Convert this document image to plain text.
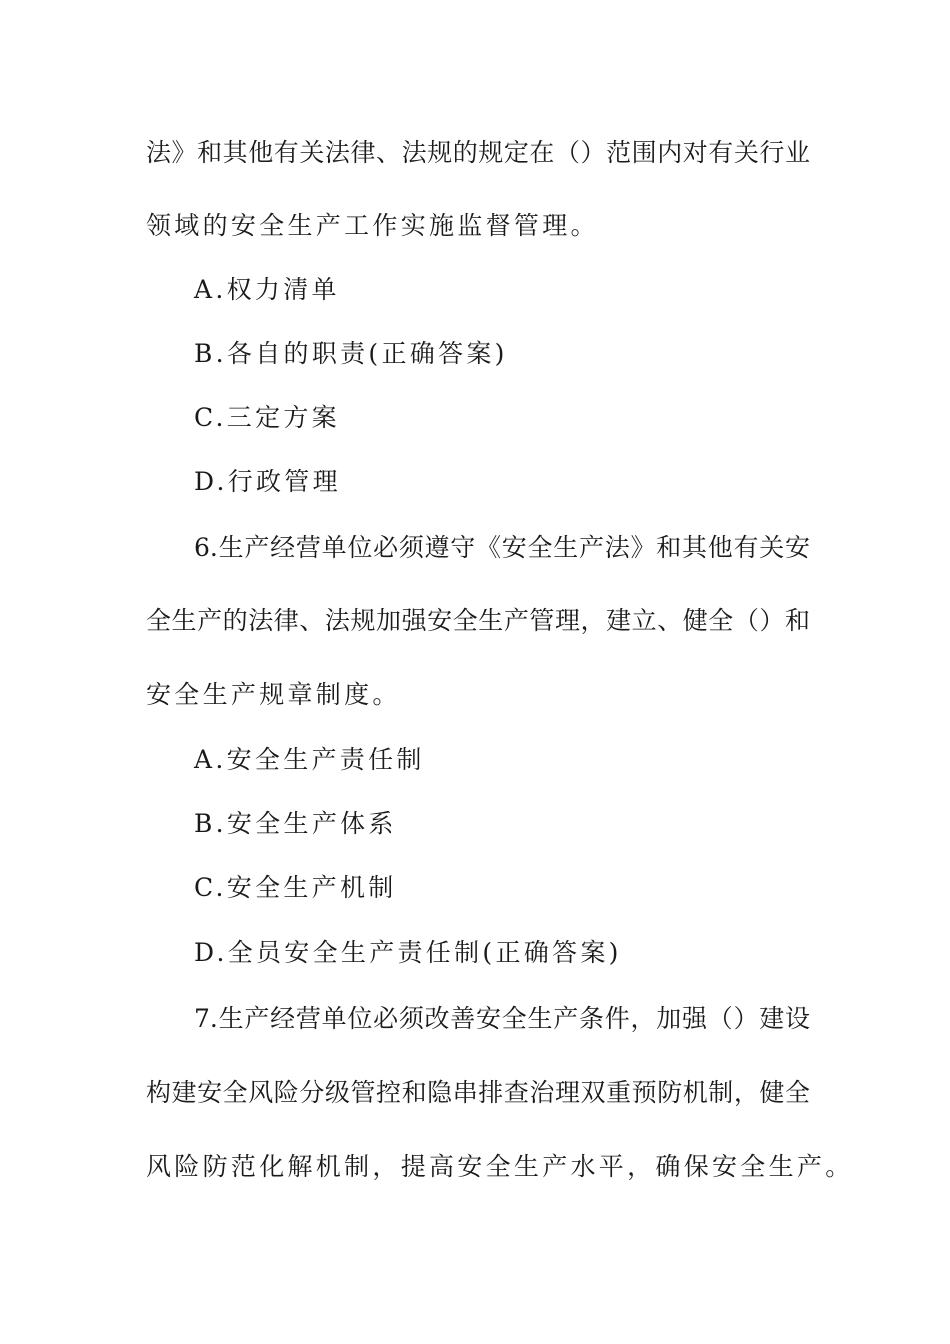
法》和其他有关法律、法规的规定在（）范围内对有关行业
领域的安全生产工作实施监督管理。
A.权力清单
B.各自的职责(正确答案)
C.三定方案
D.行政管理
6.生产经营单位必须遵守《安全生产法》和其他有关安
全生产的法律、法规加强安全生产管理，建立、健全（）和
安全生产规章制度。
A.安全生产责任制
B.安全生产体系
C.安全生产机制
D.全员安全生产责任制(正确答案)
7.生产经营单位必须改善安全生产条件，加强（）建设
构建安全风险分级管控和隐串排查治理双重预防机制，健全
风险防范化解机制，提高安全生产水平，确保安全生产。
